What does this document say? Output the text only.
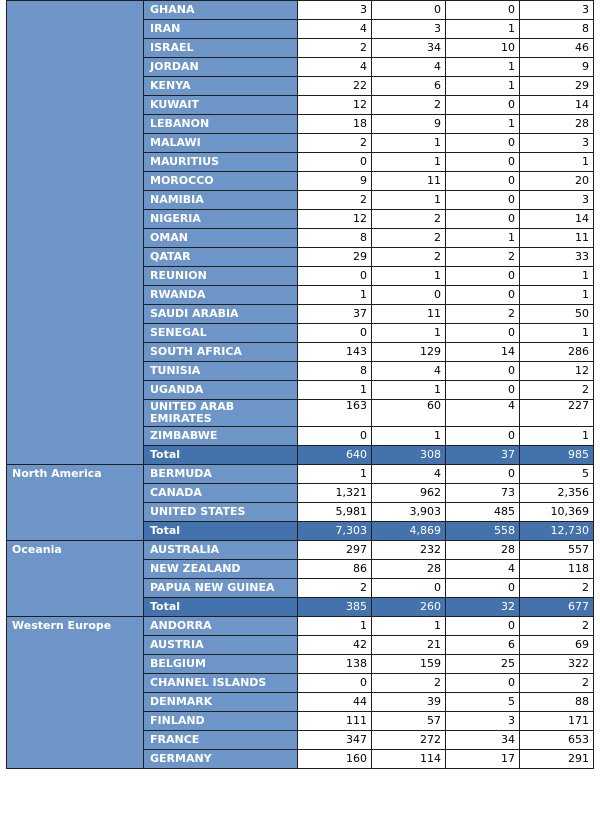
	GHANA	3	0	0	3
	IRAN	4	3	1	8
	ISRAEL	2	34	10	46
	JORDAN	4	4	1	9
	KENYA	22	6	1	29
	KUWAIT	12	2	0	14
	LEBANON	18	9	1	28
	MALAWI	2	1	0	3
	MAURITIUS	0	1	0	1
	MOROCCO	9	11	0	20
	NAMIBIA	2	1	0	3
	NIGERIA	12	2	0	14
	OMAN	8	2	1	11
	QATAR	29	2	2	33
	REUNION	0	1	0	1
	RWANDA	1	0	0	1
	SAUDI ARABIA	37	11	2	50
	SENEGAL	0	1	0	1
	SOUTH AFRICA	143	129	14	286
	TUNISIA	8	4	0	12
	UGANDA	1	1	0	2
	UNITED ARAB EMIRATES	163	60	4	227
	ZIMBABWE	0	1	0	1
	Total	640	308	37	985
North America	BERMUDA	1	4	0	5
	CANADA	1,321	962	73	2,356
	UNITED STATES	5,981	3,903	485	10,369
	Total	7,303	4,869	558	12,730
Oceania	AUSTRALIA	297	232	28	557
	NEW ZEALAND	86	28	4	118
	PAPUA NEW GUINEA	2	0	0	2
	Total	385	260	32	677
Western Europe	ANDORRA	1	1	0	2
	AUSTRIA	42	21	6	69
	BELGIUM	138	159	25	322
	CHANNEL ISLANDS	0	2	0	2
	DENMARK	44	39	5	88
	FINLAND	111	57	3	171
	FRANCE	347	272	34	653
	GERMANY	160	114	17	291
